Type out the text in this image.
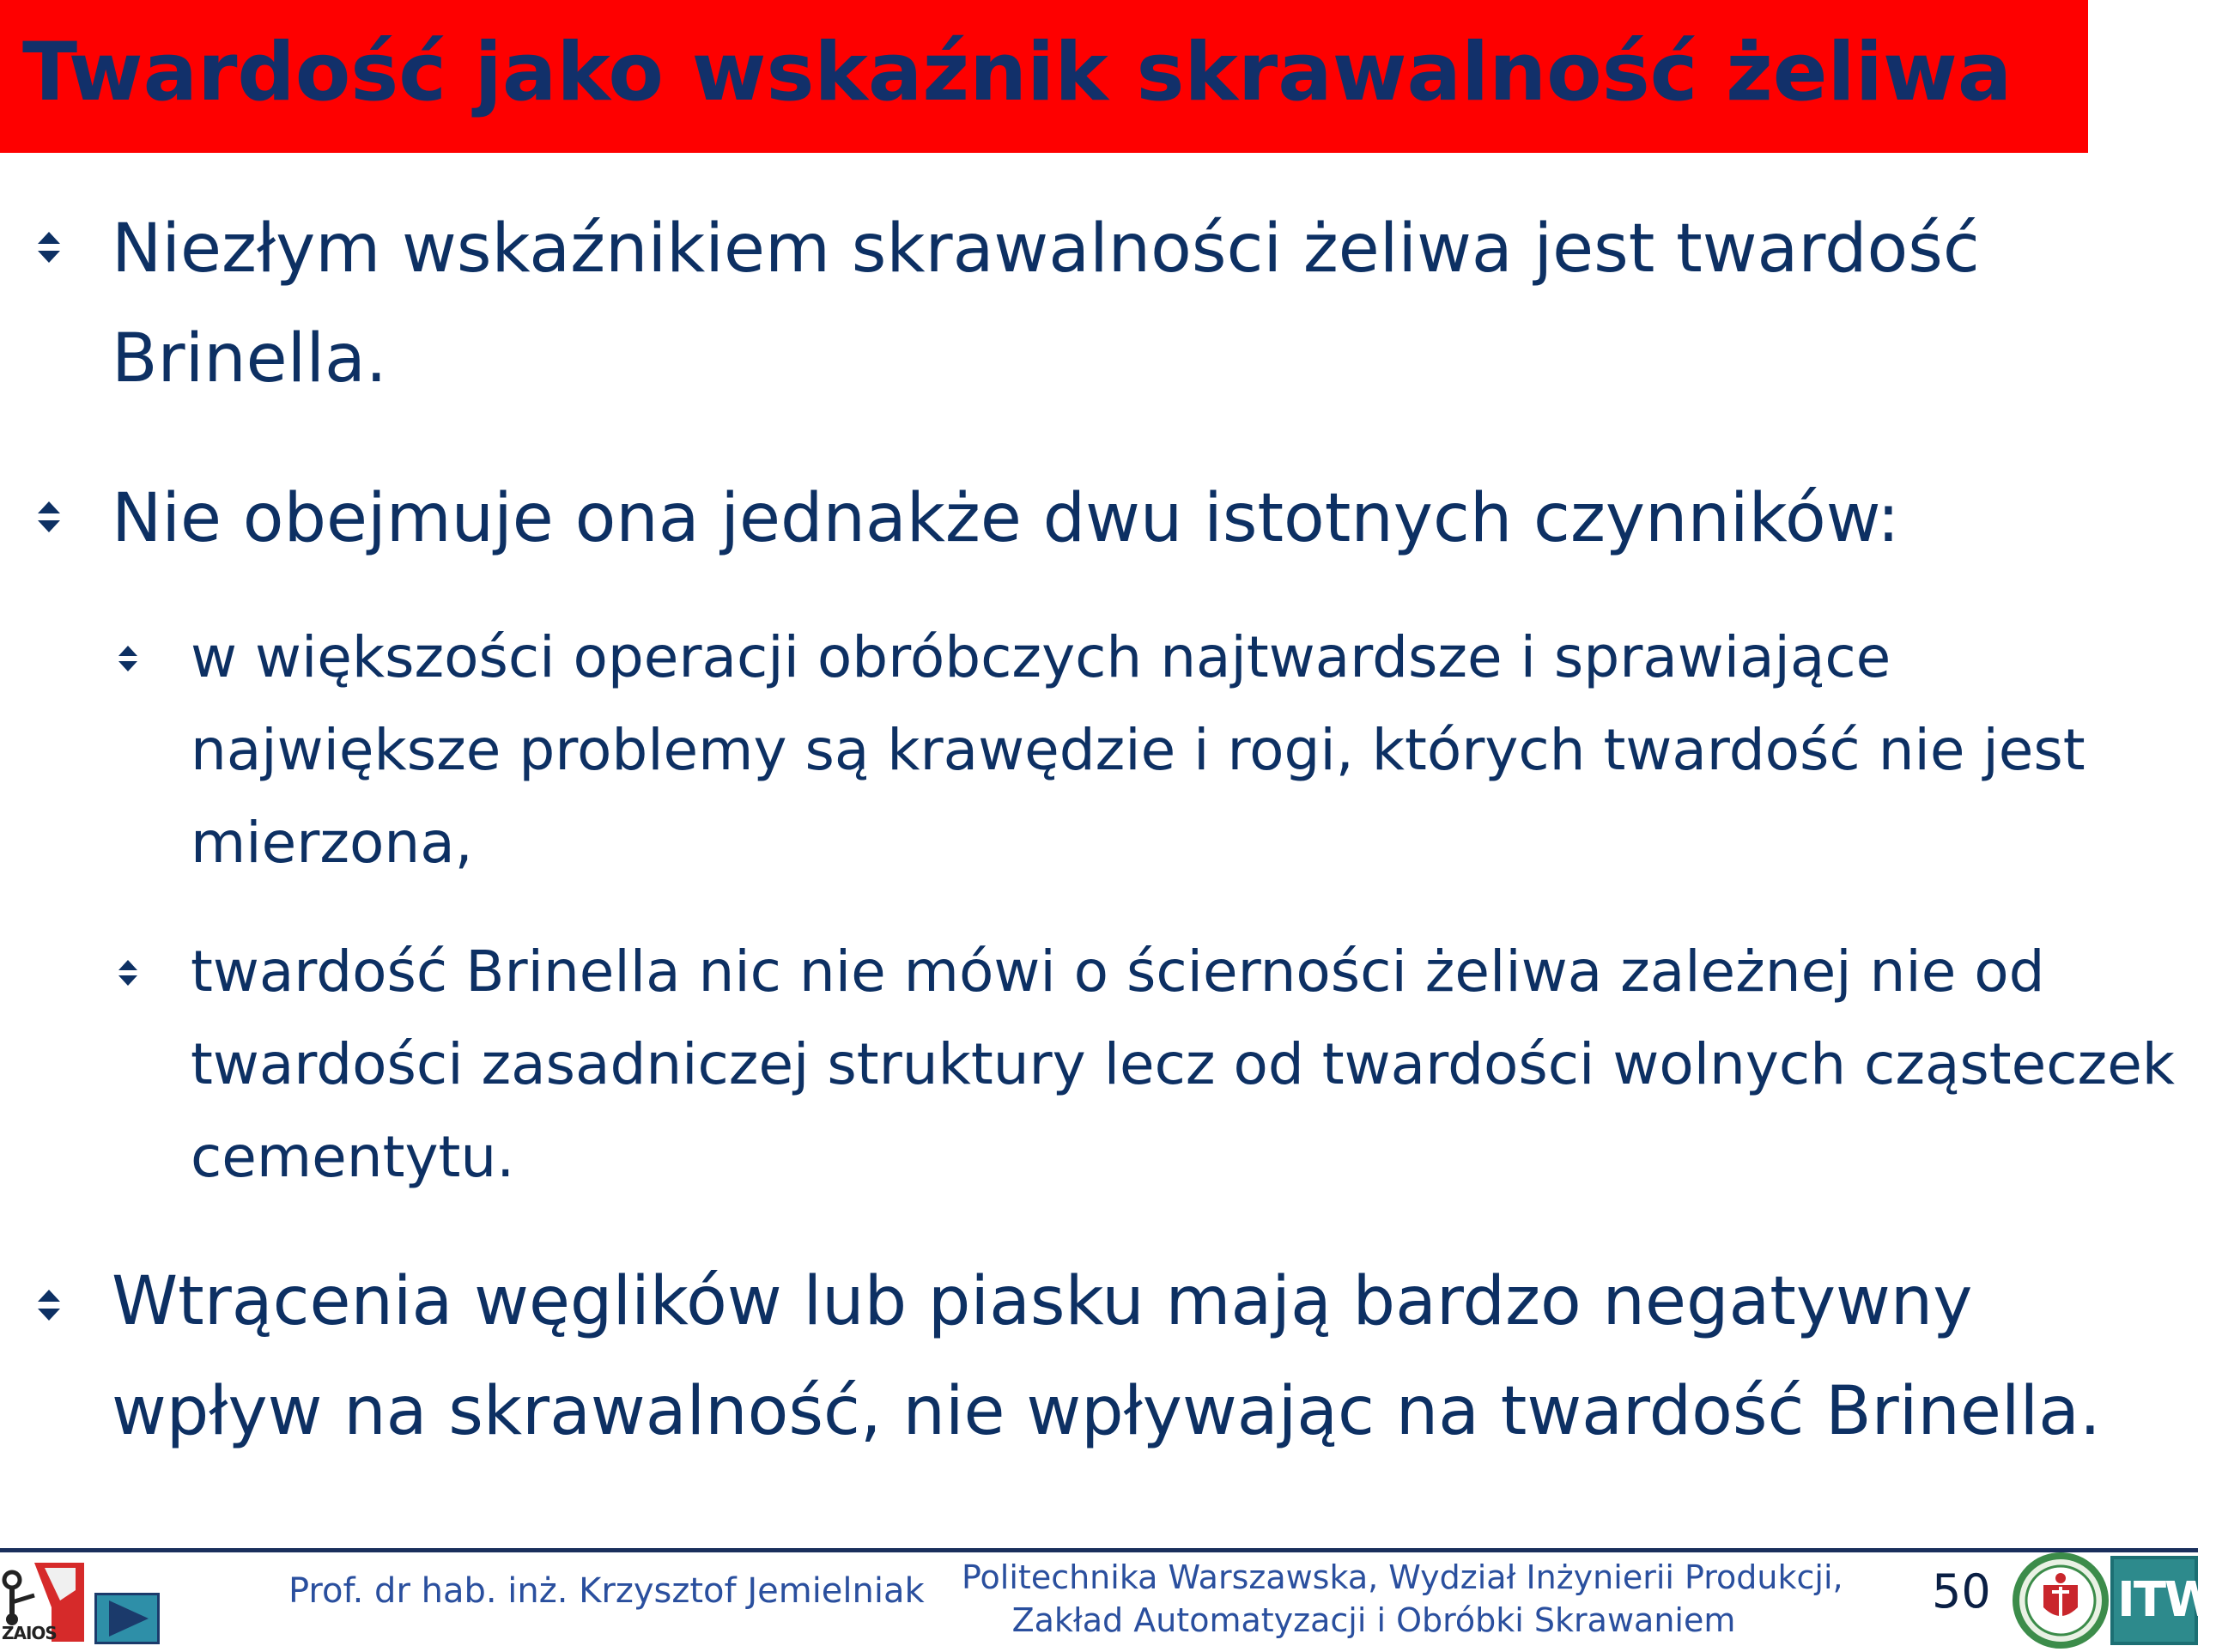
Twardość jako wskaźnik skrawalność żeliwa
Niezłym wskaźnikiem skrawalności żeliwa jest twardość
Brinella.
Nie obejmuje ona jednakże dwu istotnych czynników:
w większości operacji obróbczych najtwardsze i sprawiające
największe problemy są krawędzie i rogi, których twardość nie jest
mierzona,
twardość Brinella nic nie mówi o ścierności żeliwa zależnej nie od
twardości zasadniczej struktury lecz od twardości wolnych cząsteczek
cementytu.
Wtrącenia węglików lub piasku mają bardzo negatywny
wpływ na skrawalność, nie wpływając na twardość Brinella.
ZAIOS
Prof. dr hab. inż. Krzysztof Jemielniak Politechnika Warszawska, Wydział Inżynierii Produkcji,
Zakład Automatyzacji i Obróbki Skrawaniem
50	ITW
